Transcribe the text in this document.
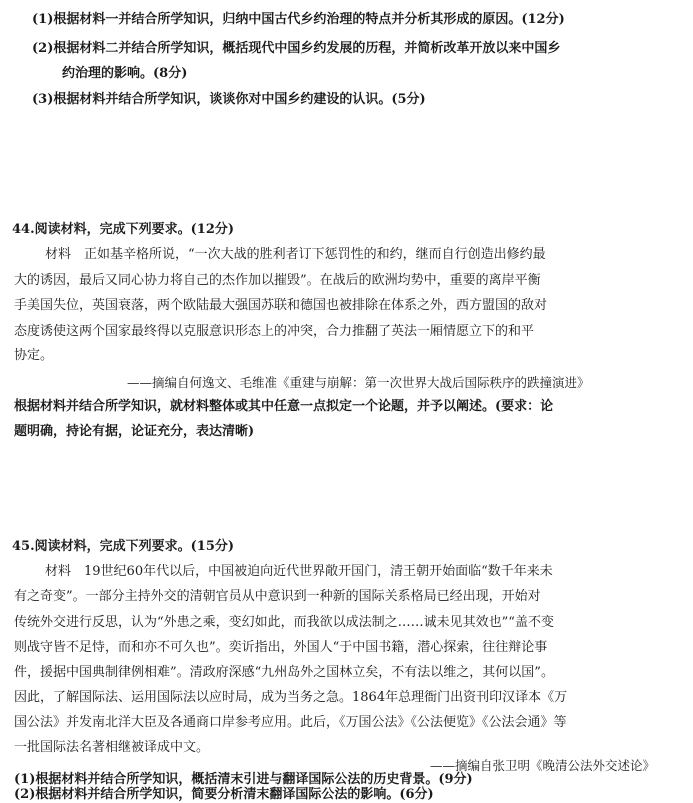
(1)根据材料一并结合所学知识，归纳中国古代乡约治理的特点并分析其形成的原因。(12分)
(2)根据材料二并结合所学知识，概括现代中国乡约发展的历程，并简析改革开放以来中国乡
约治理的影响。(8分)
(3)根据材料并结合所学知识，谈谈你对中国乡约建设的认识。(5分)
44.阅读材料，完成下列要求。(12分)
材料　正如基辛格所说，“一次大战的胜利者订下惩罚性的和约，继而自行创造出修约最
大的诱因，最后又同心协力将自己的杰作加以摧毁”。在战后的欧洲均势中，重要的离岸平衡
手美国失位，英国衰落，两个欧陆最大强国苏联和德国也被排除在体系之外，西方盟国的敌对
态度诱使这两个国家最终得以克服意识形态上的冲突，合力推翻了英法一厢情愿立下的和平
协定。
——摘编自何逸文、毛维准《重建与崩解：第一次世界大战后国际秩序的跌撞演进》
根据材料并结合所学知识，就材料整体或其中任意一点拟定一个论题，并予以阐述。(要求：论
题明确，持论有据，论证充分，表达清晰)
45.阅读材料，完成下列要求。(15分)
材料　19世纪60年代以后，中国被迫向近代世界敞开国门，清王朝开始面临“数千年来未
有之奇变”。一部分主持外交的清朝官员从中意识到一种新的国际关系格局已经出现，开始对
传统外交进行反思，认为“外患之乘，变幻如此，而我欲以成法制之……诚未见其效也”“盖不变
则战守皆不足恃，而和亦不可久也”。奕䜣指出，外国人“于中国书籍，潜心探索，往往辩论事
件，援据中国典制律例相难”。清政府深感“九州岛外之国林立矣，不有法以维之，其何以国”。
因此，了解国际法、运用国际法以应时局，成为当务之急。1864年总理衙门出资刊印汉译本《万
国公法》并发南北洋大臣及各通商口岸参考应用。此后，《万国公法》《公法便览》《公法会通》等
一批国际法名著相继被译成中文。
——摘编自张卫明《晚清公法外交述论》
(1)根据材料并结合所学知识，概括清末引进与翻译国际公法的历史背景。(9分)
(2)根据材料并结合所学知识，简要分析清末翻译国际公法的影响。(6分)
